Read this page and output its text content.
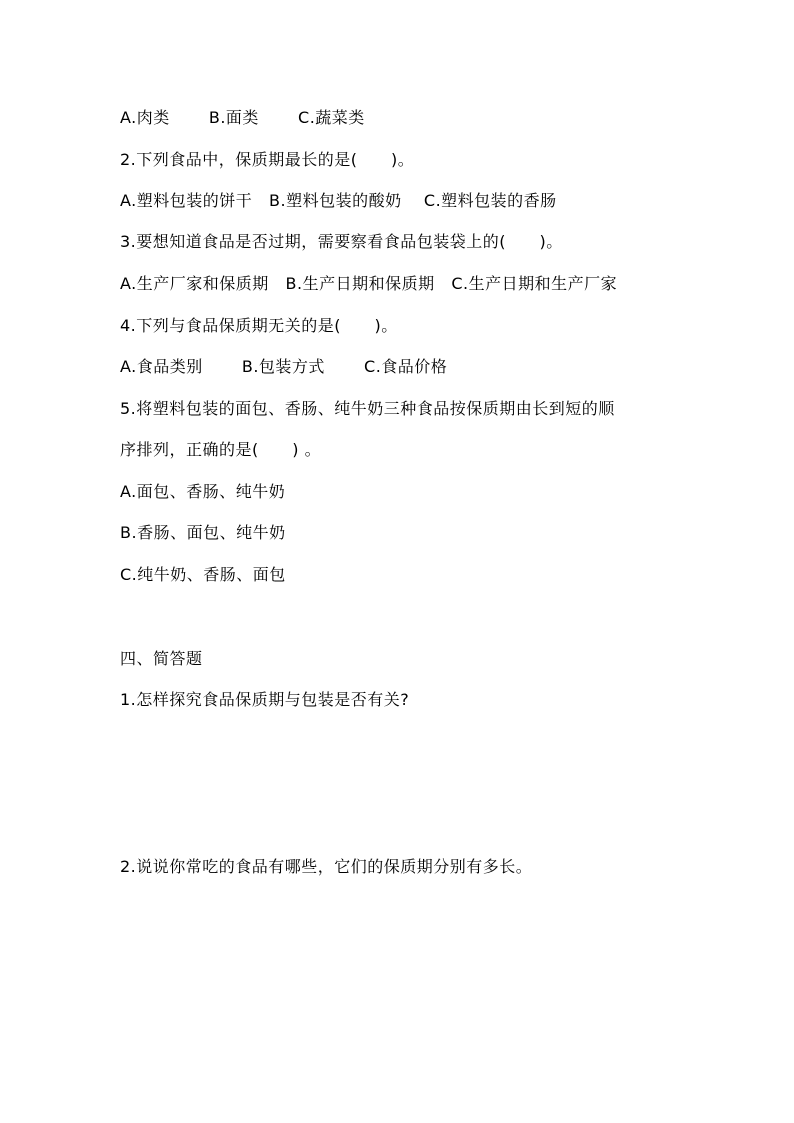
A.肉类       B.面类       C.蔬菜类
2.下列食品中，保质期最长的是(      )。
A.塑料包装的饼干   B.塑料包装的酸奶    C.塑料包装的香肠
3.要想知道食品是否过期，需要察看食品包装袋上的(      )。
A.生产厂家和保质期   B.生产日期和保质期   C.生产日期和生产厂家
4.下列与食品保质期无关的是(      )。
A.食品类别       B.包装方式       C.食品价格
5.将塑料包装的面包、香肠、纯牛奶三种食品按保质期由长到短的顺
序排列，正确的是(      ) 。
A.面包、香肠、纯牛奶
B.香肠、面包、纯牛奶
C.纯牛奶、香肠、面包
四、简答题
1.怎样探究食品保质期与包装是否有关?
2.说说你常吃的食品有哪些，它们的保质期分别有多长。
